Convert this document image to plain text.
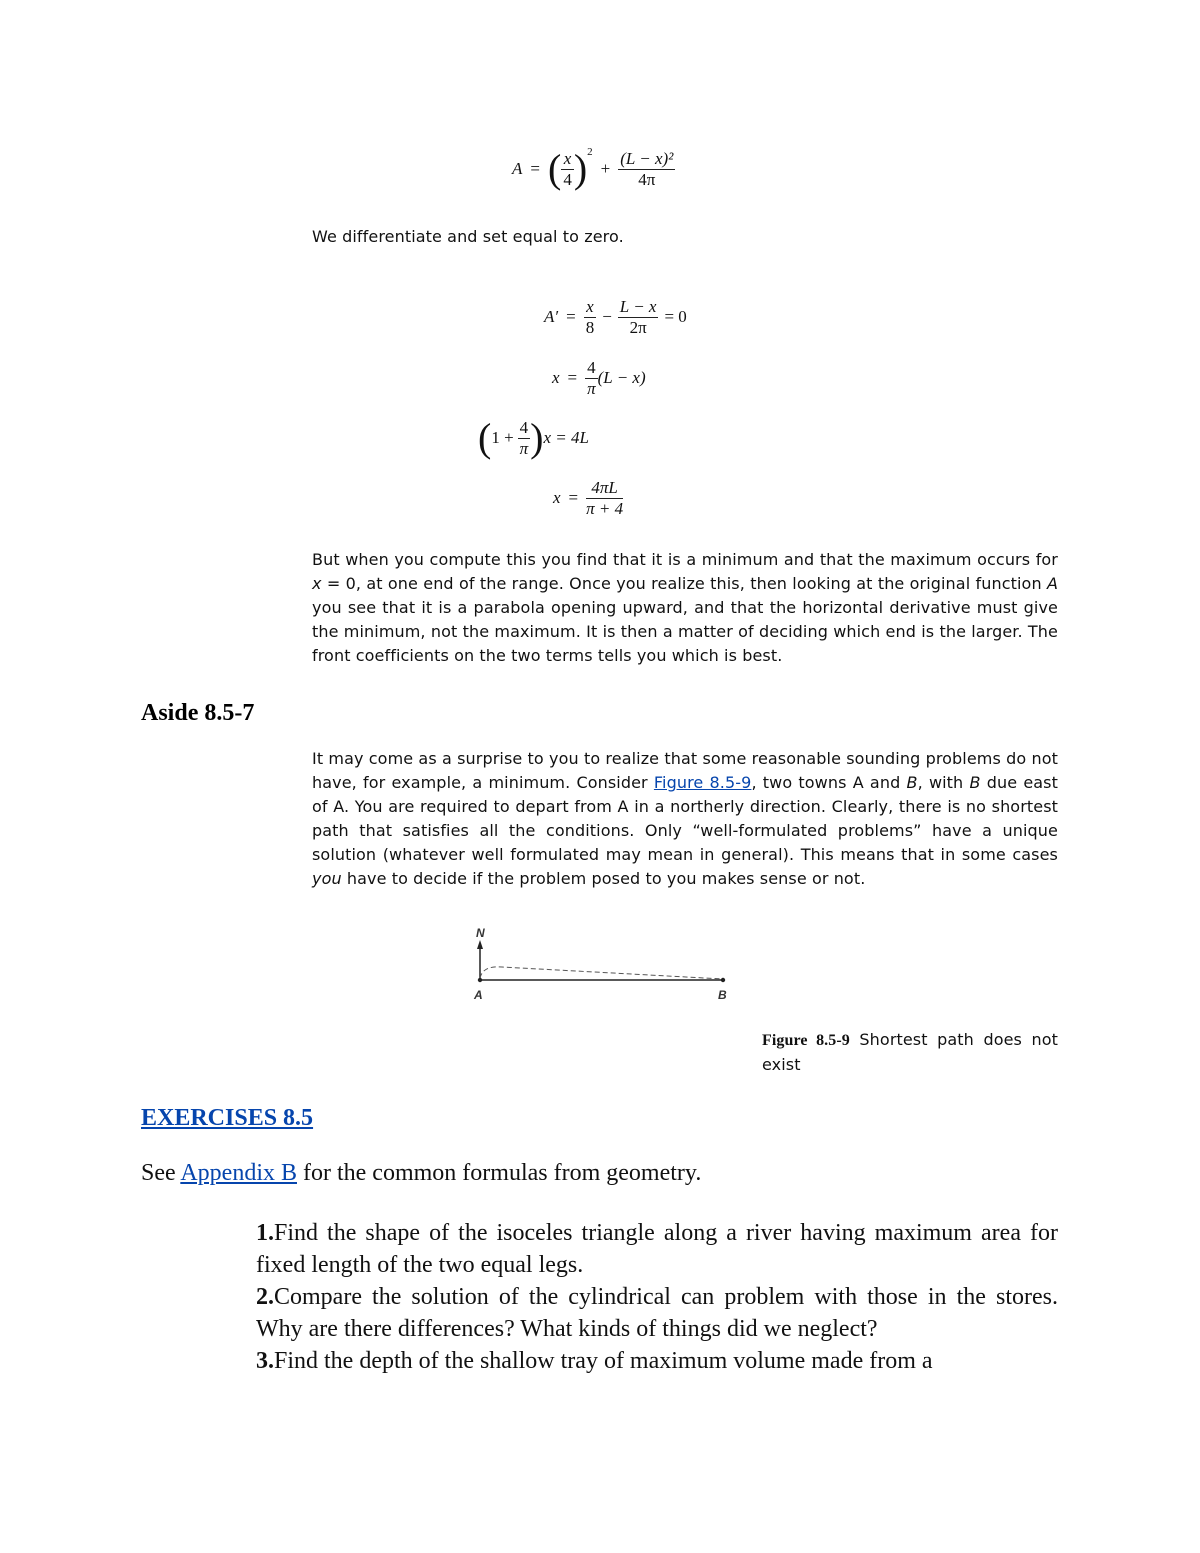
A = ( $\frac{x}{4} )^2$
+ $\frac{\text{(L − x)²}}{4\pi}$
We differentiate and set equal to zero.
$A' = \frac{x}{8} - \frac{L - x}{2\pi} = 0$
$x = \frac{4}{\pi} (L - x)$
( $1 + \frac{4}{\pi}$ ) x = 4L
$x = \frac{4\pi L}{\pi + 4}$
But when you compute this you find that it is a minimum and that the maximum occurs for x = 0, at one end of the range. Once you realize this, then looking at the original function A you see that it is a parabola opening upward, and that the horizontal derivative must give the minimum, not the maximum. It is then a matter of deciding which end is the larger. The front coefficients on the two terms tells you which is best.
Aside 8.5-7
It may come as a surprise to you to realize that some reasonable sounding problems do not have, for example, a minimum. Consider Figure 8.5-9, two towns A and B, with B due east of A. You are required to depart from A in a northerly direction. Clearly, there is no shortest path that satisfies all the conditions. Only “well-formulated problems” have a unique solution (whatever well formulated may mean in general). This means that in some cases you have to decide if the problem posed to you makes sense or not.
N
A	B
Figure 8.5-9 Shortest path does not exist
EXERCISES 8.5
See Appendix B for the common formulas from geometry.
1.Find the shape of the isoceles triangle along a river having maximum area for fixed length of the two equal legs.
2.Compare the solution of the cylindrical can problem with those in the stores. Why are there differences? What kinds of things did we neglect?
3.Find the depth of the shallow tray of maximum volume made from a
